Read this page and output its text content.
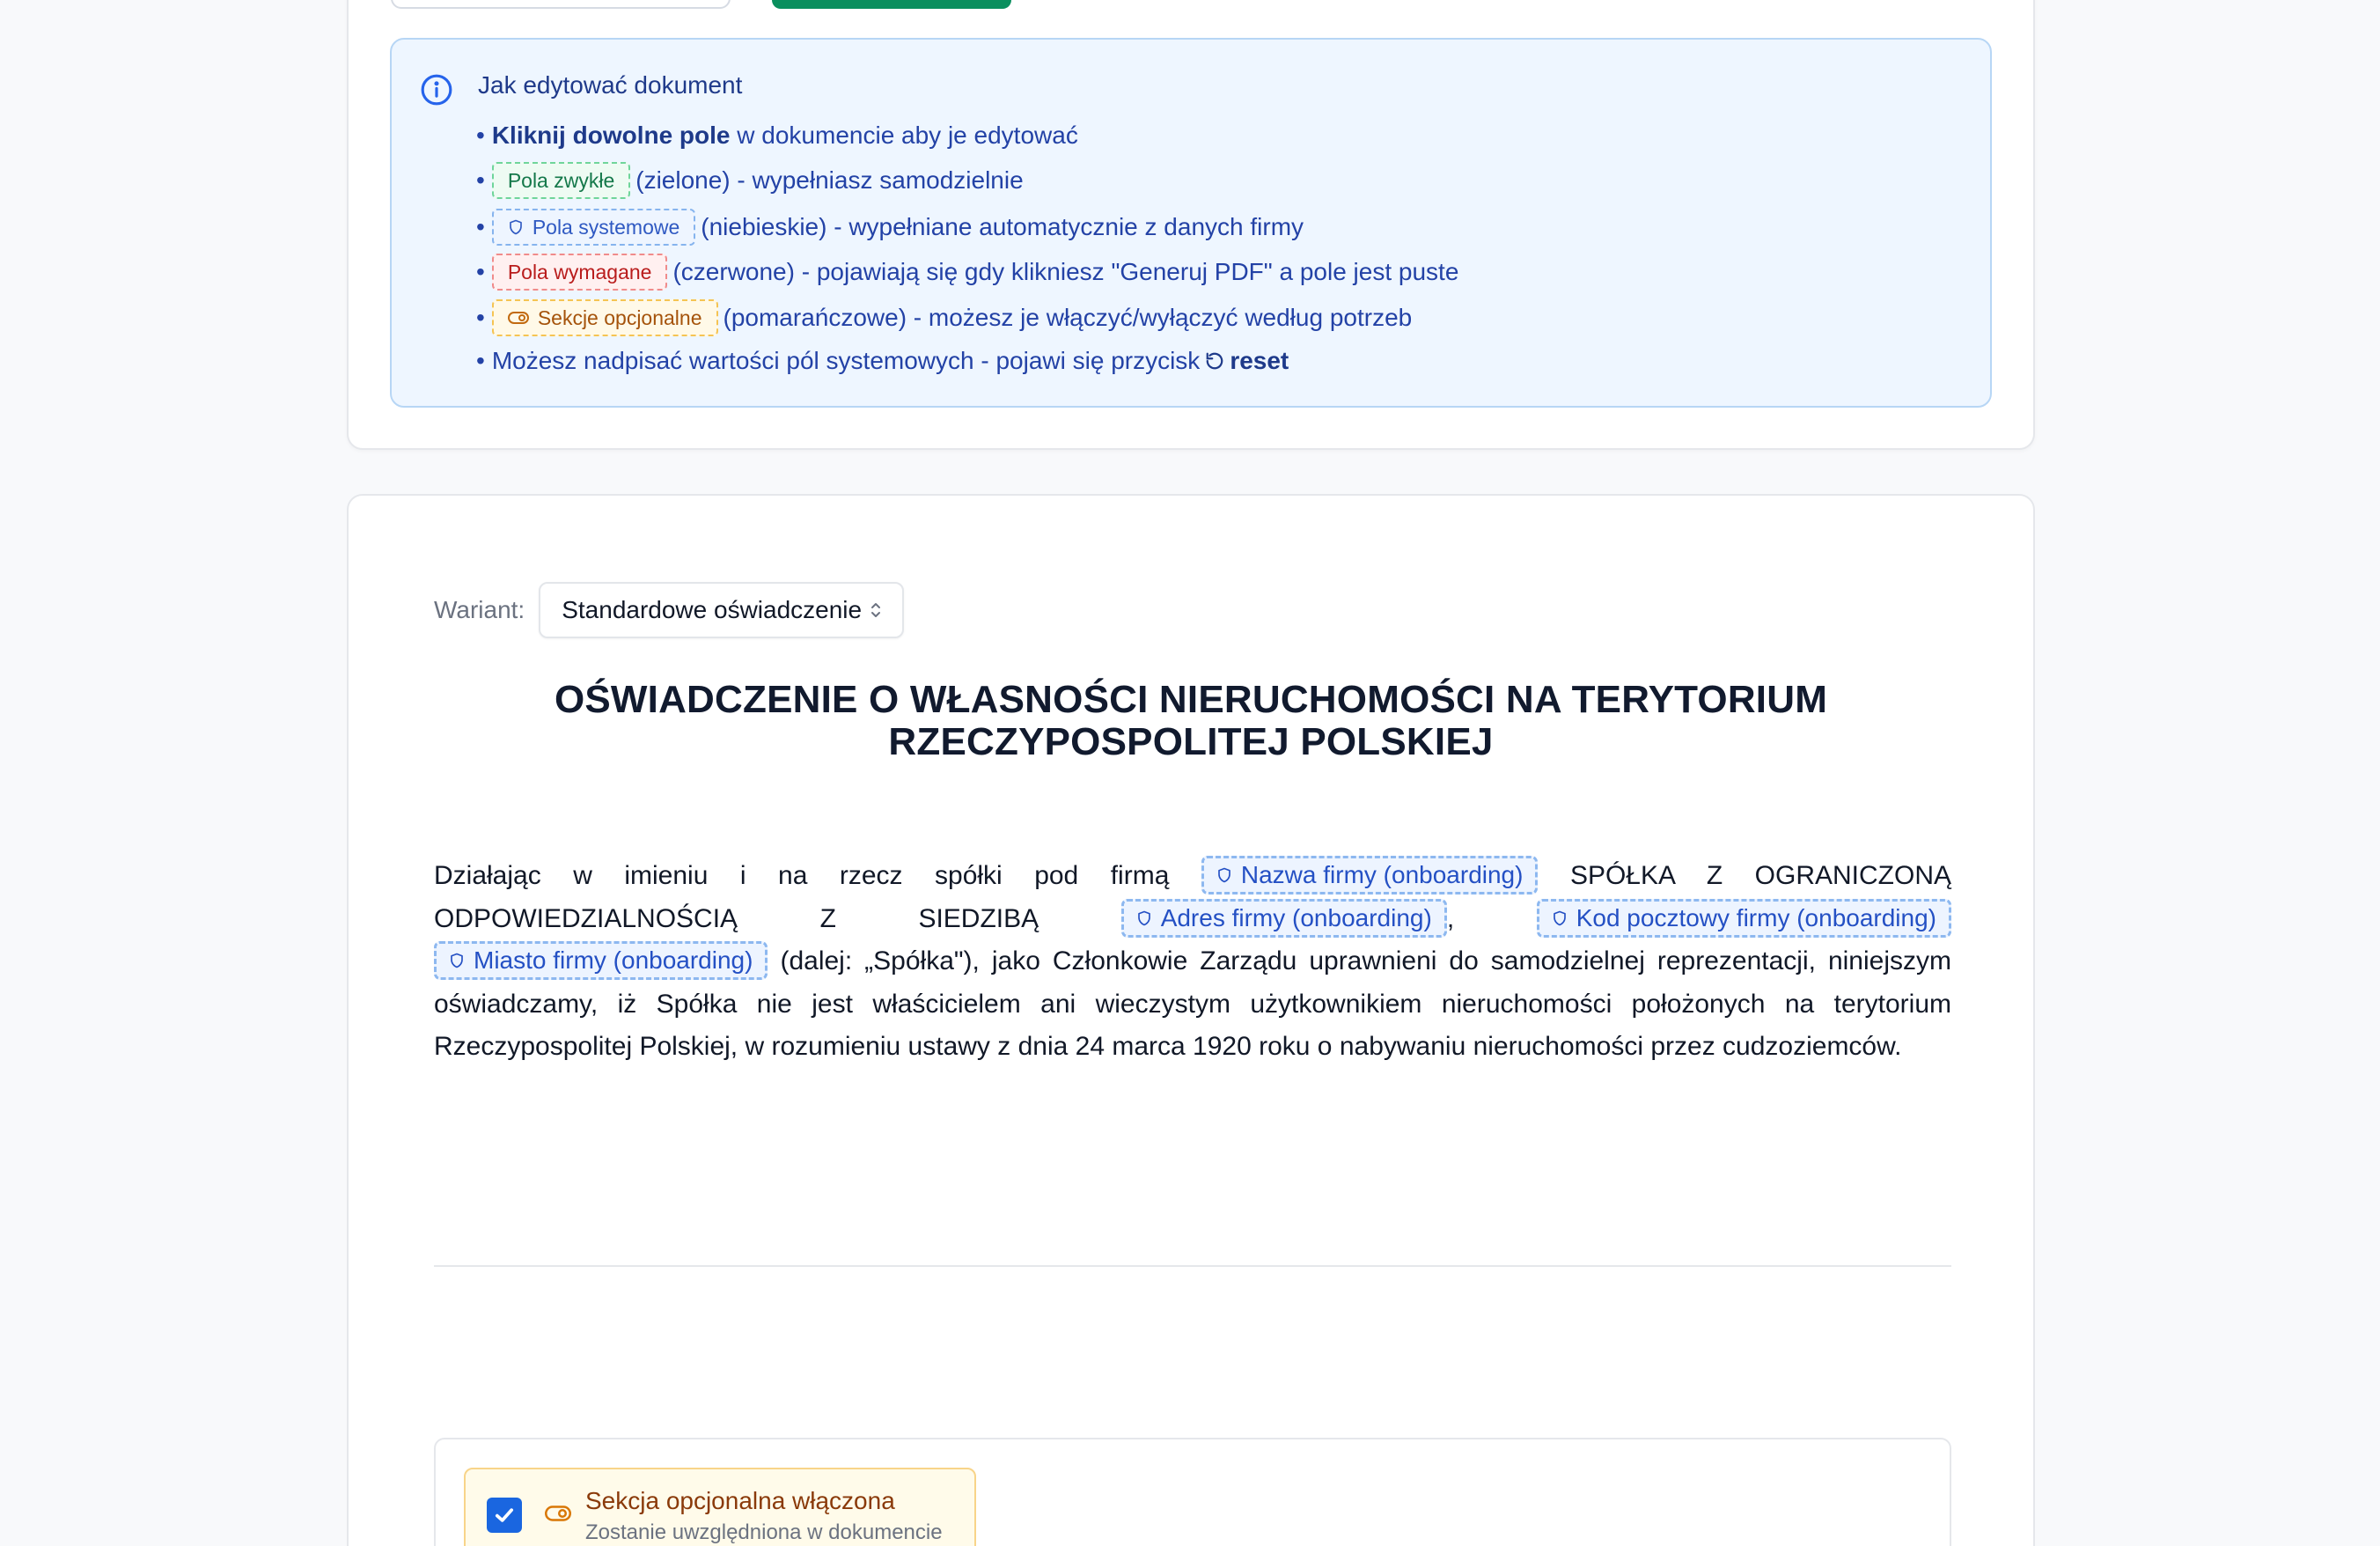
Jak edytować dokument
• Kliknij dowolne pole
w dokumencie aby je edytować
• Pola zwykłe (zielone) - wypełniasz samodzielnie
• Pola systemowe (niebieskie) - wypełniane automatycznie z danych firmy
• Pola wymagane (czerwone) - pojawiają się gdy klikniesz "Generuj PDF" a pole jest puste
•	Sekcje opcjonalne (pomarańczowe) - możesz je włączyć/wyłączyć według potrzeb
• Możesz nadpisać wartości pól systemowych - pojawi się przycisk reset
Wariant: Standardowe oświadczenie
OŚWIADCZENIE O WŁASNOŚCI NIERUCHOMOŚCI NA TERYTORIUM
RZECZYPOSPOLITEJ POLSKIEJ
Działając w imieniu i na rzecz spółki pod firmą	Nazwa firmy (onboarding) SPÓŁKA Z OGRANICZONĄ ODPOWIEDZIALNOŚCIĄ Z SIEDZIBĄ	Adres firmy (onboarding) ,	Kod pocztowy firmy (onboarding)

Miasto firmy (onboarding) (dalej: „Spółka"), jako Członkowie Zarządu uprawnieni do samodzielnej reprezentacji, niniejszym oświadczamy, iż Spółka nie jest właścicielem ani wieczystym użytkownikiem nieruchomości położonych na terytorium Rzeczypospolitej Polskiej, w rozumieniu ustawy z dnia 24 marca 1920 roku o nabywaniu nieruchomości przez cudzoziemców.
Sekcja opcjonalna włączona
Zostanie uwzględniona w dokumencie
